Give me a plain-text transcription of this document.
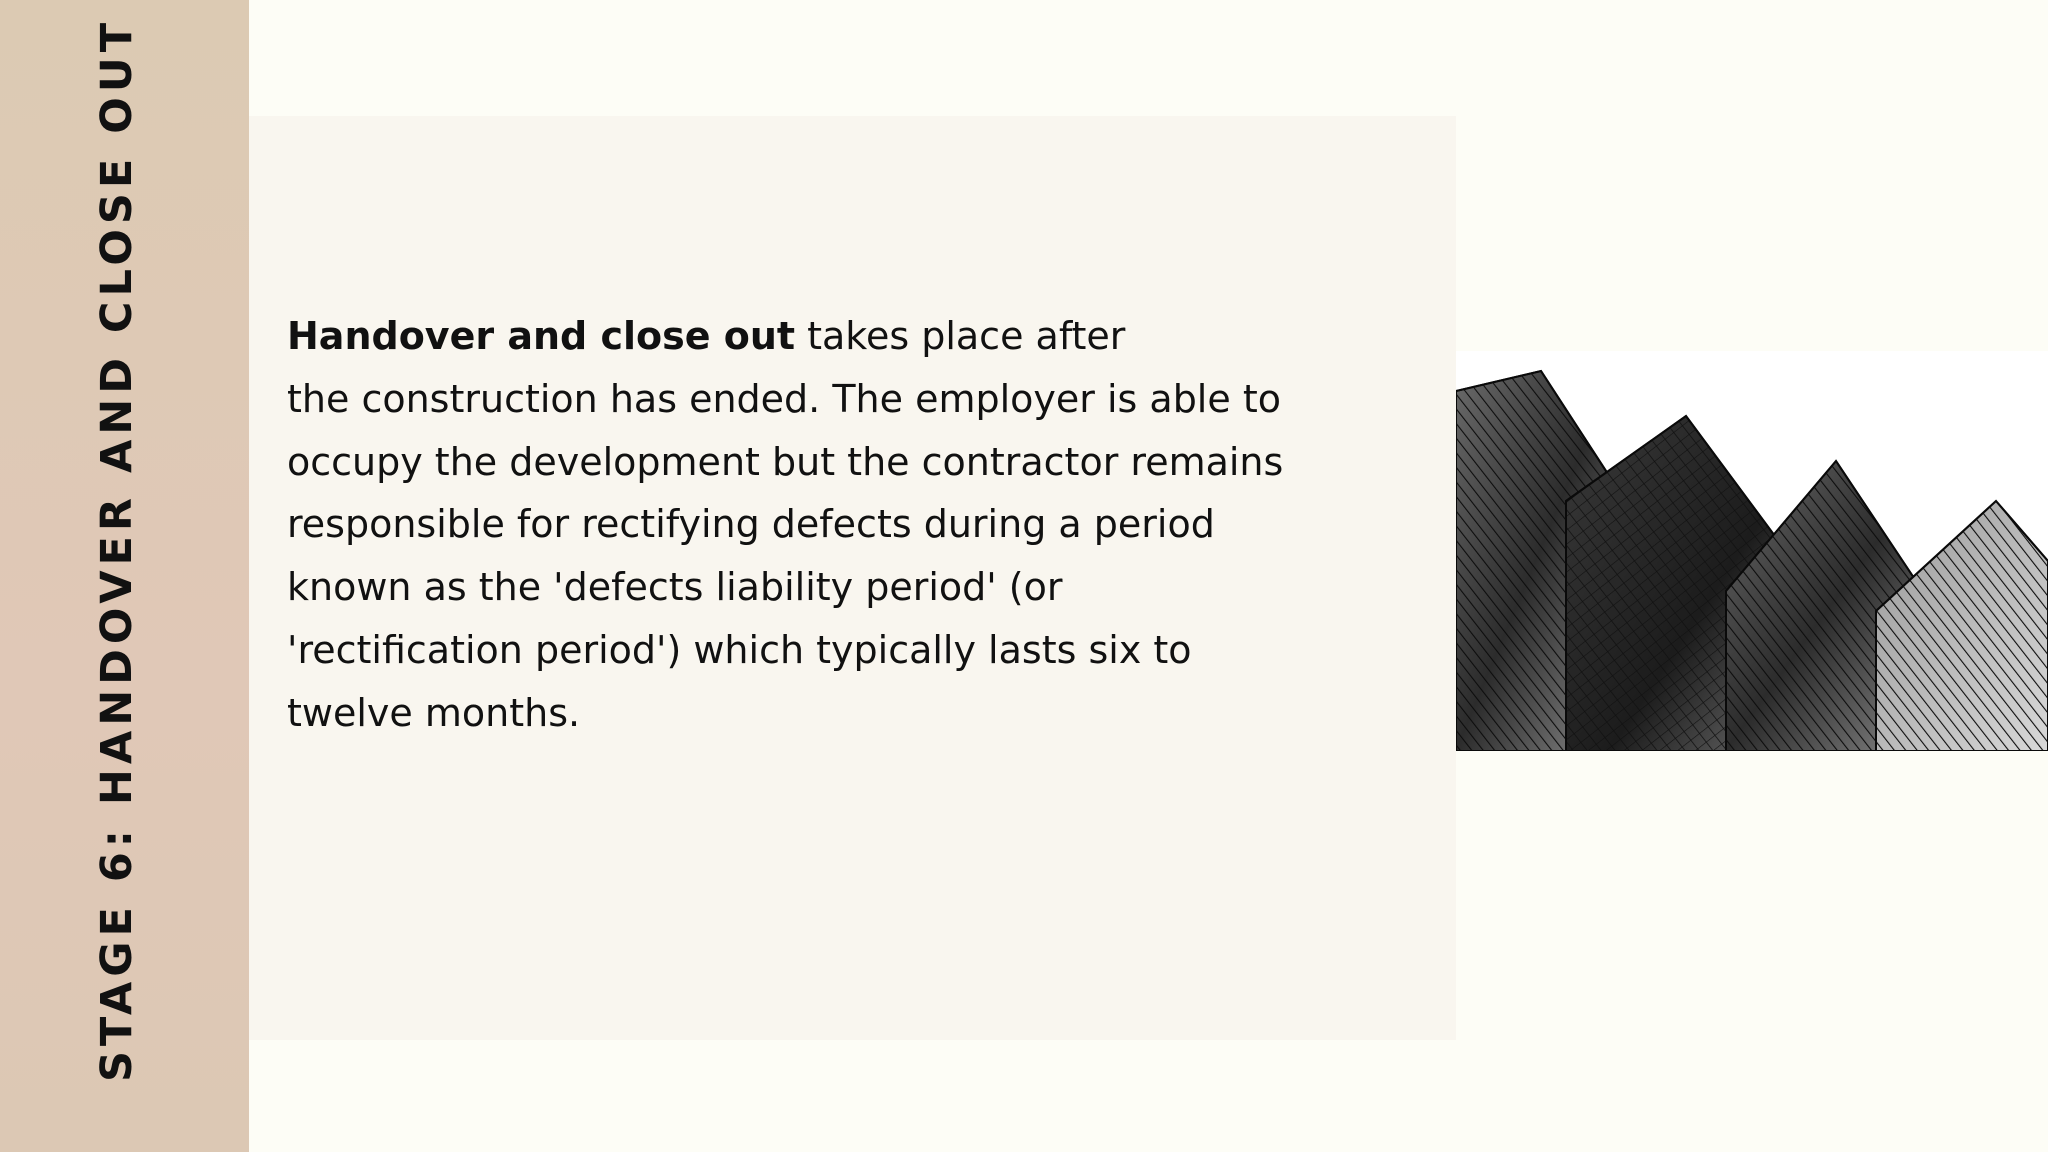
STAGE 6: HANDOVER AND CLOSE OUT	Handover and close out takes place after
the construction has ended. The employer is able to
occupy the development but the contractor remains
responsible for rectifying defects during a period
known as the 'defects liability period' (or
'rectification period') which typically lasts six to
twelve months.
